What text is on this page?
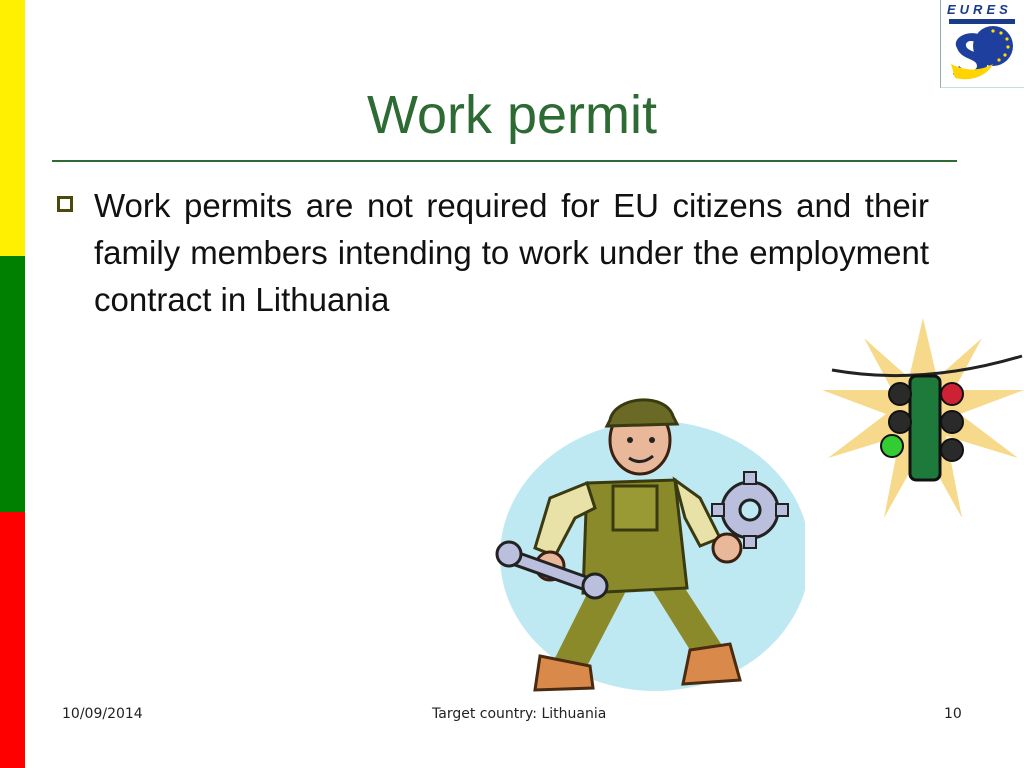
EURES
Work permit
Work permits are not required for EU citizens and their family members intending to work under the employment contract in Lithuania
10/09/2014	Target country: Lithuania	10
